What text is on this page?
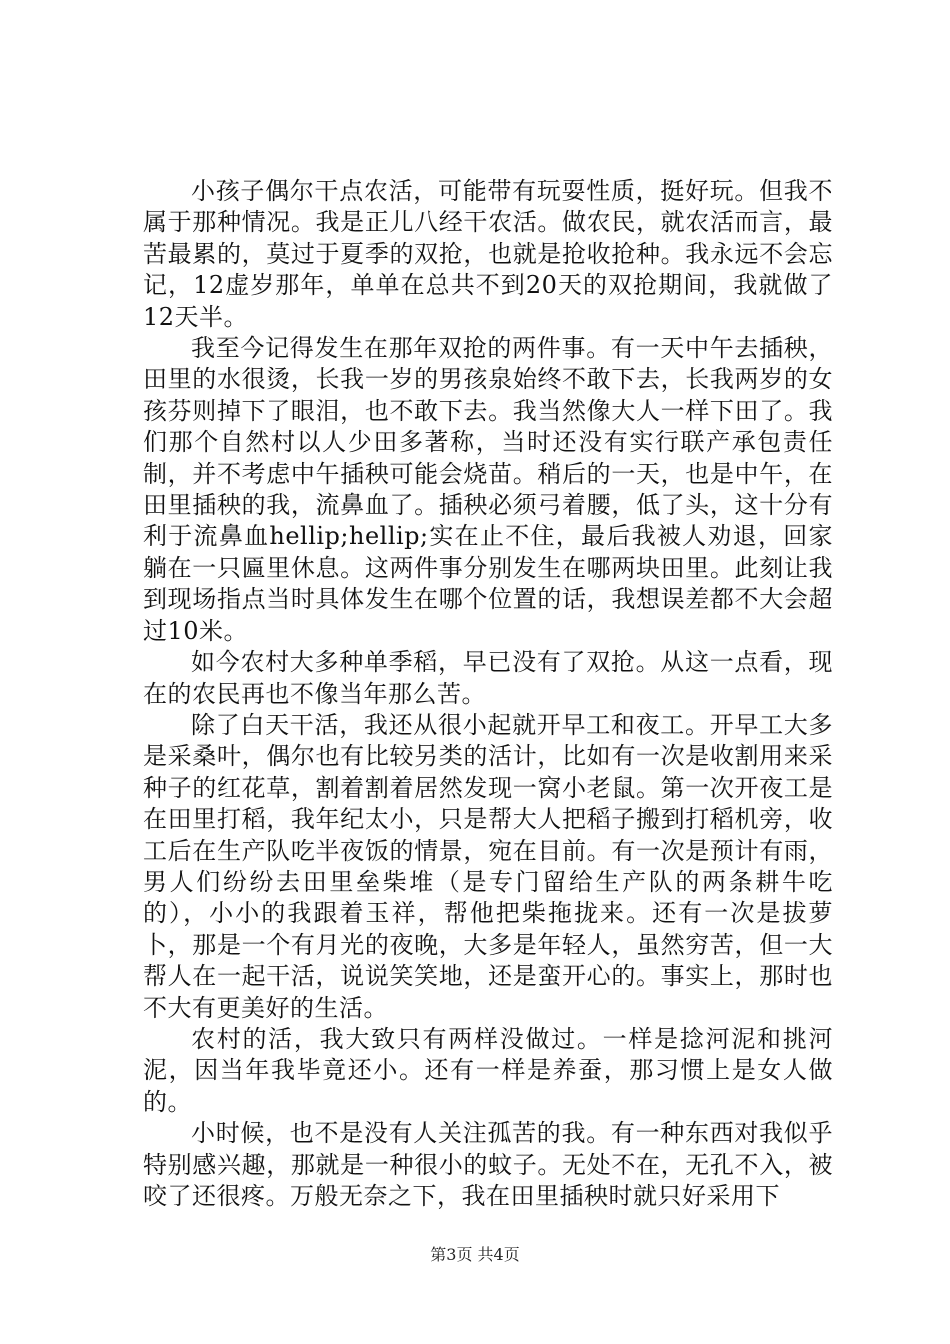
小孩子偶尔干点农活，可能带有玩耍性质，挺好玩。但我不属于那种情况。我是正儿八经干农活。做农民，就农活而言，最苦最累的，莫过于夏季的双抢，也就是抢收抢种。我永远不会忘记，12虚岁那年，单单在总共不到20天的双抢期间，我就做了12天半。

我至今记得发生在那年双抢的两件事。有一天中午去插秧，田里的水很烫，长我一岁的男孩泉始终不敢下去，长我两岁的女孩芬则掉下了眼泪，也不敢下去。我当然像大人一样下田了。我们那个自然村以人少田多著称，当时还没有实行联产承包责任制，并不考虑中午插秧可能会烧苗。稍后的一天，也是中午，在田里插秧的我，流鼻血了。插秧必须弓着腰，低了头，这十分有利于流鼻血hellip;hellip;实在止不住，最后我被人劝退，回家躺在一只匾里休息。这两件事分别发生在哪两块田里。此刻让我到现场指点当时具体发生在哪个位置的话，我想误差都不大会超过10米。

如今农村大多种单季稻，早已没有了双抢。从这一点看，现在的农民再也不像当年那么苦。

除了白天干活，我还从很小起就开早工和夜工。开早工大多是采桑叶，偶尔也有比较另类的活计，比如有一次是收割用来采种子的红花草，割着割着居然发现一窝小老鼠。第一次开夜工是在田里打稻，我年纪太小，只是帮大人把稻子搬到打稻机旁，收工后在生产队吃半夜饭的情景，宛在目前。有一次是预计有雨，男人们纷纷去田里垒柴堆（是专门留给生产队的两条耕牛吃的），小小的我跟着玉祥，帮他把柴拖拢来。还有一次是拔萝卜，那是一个有月光的夜晚，大多是年轻人，虽然穷苦，但一大帮人在一起干活，说说笑笑地，还是蛮开心的。事实上，那时也不大有更美好的生活。

农村的活，我大致只有两样没做过。一样是捻河泥和挑河泥，因当年我毕竟还小。还有一样是养蚕，那习惯上是女人做的。

小时候，也不是没有人关注孤苦的我。有一种东西对我似乎特别感兴趣，那就是一种很小的蚊子。无处不在，无孔不入，被咬了还很疼。万般无奈之下，我在田里插秧时就只好采用下

第3页 共4页
